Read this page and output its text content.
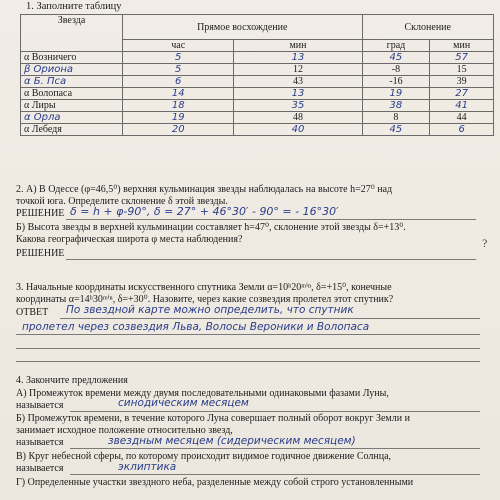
1. Заполните таблицу
Звезда	Прямое восхождение		Склонение	
	час	мин	град	мин
α Возничего	5	13	45	57
β Ориона	5	12	-8	15
α Б. Пса	6	43	-16	39
α Волопаса	14	13	19	27
α Лиры	18	35	38	41
α Орла	19	48	8	44
α Лебедя	20	40	45	6
2. А) В Одессе (φ=46,5⁰) верхняя кульминация звезды наблюдалась на высоте h=27⁰ над
точкой юга. Определите склонение δ этой звезды.
РЕШЕНИЕ δ = h + φ-90°, δ = 27° + 46°30′ - 90° = - 16°30′
Б) Высота звезды в верхней кульминации составляет h=47⁰, склонение этой звезды δ=+13⁰.
Какова географическая широта φ места наблюдения?
РЕШЕНИЕ
?
3. Начальные координаты искусственного спутника Земли α=10ʰ20ᵐⁱⁿ, δ=+15⁰, конечные
координаты α=14ʰ30ᵐⁱⁿ, δ=+30⁰. Назовите, через какие созвездия пролетел этот спутник?
ОТВЕТ По звездной карте можно определить, что спутник
пролетел через созвездия Льва, Волосы Вероники и Волопаса
4. Закончите предложения
А) Промежуток времени между двумя последовательными одинаковыми фазами Луны,
называется	синодическим месяцем
Б) Промежуток времени, в течение которого Луна совершает полный оборот вокруг Земли и
занимает исходное положение относительно звезд,
называется	звездным месяцем (сидерическим месяцем)
В) Круг небесной сферы, по которому происходит видимое годичное движение Солнца,
называется	эклиптика
Г) Определенные участки звездного неба, разделенные между собой строго установленными
